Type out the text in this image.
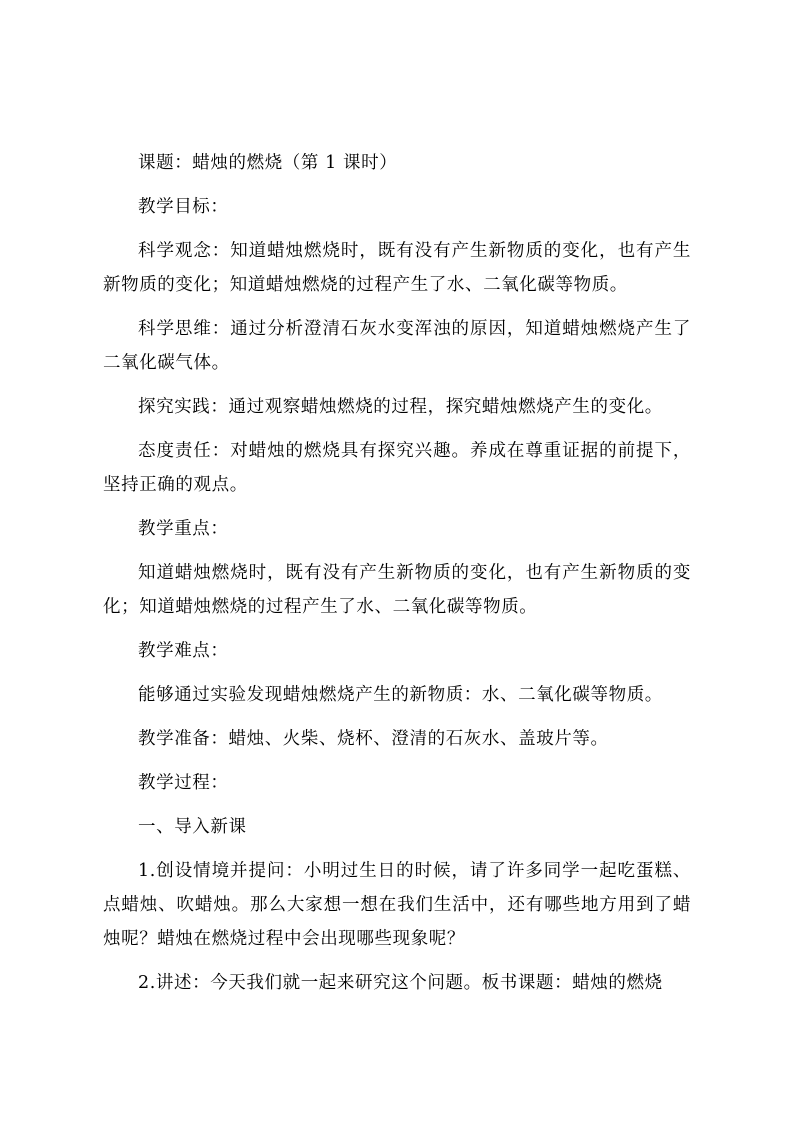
课题：蜡烛的燃烧（第 1 课时）

教学目标：

科学观念：知道蜡烛燃烧时，既有没有产生新物质的变化，也有产生新物质的变化；知道蜡烛燃烧的过程产生了水、二氧化碳等物质。

科学思维：通过分析澄清石灰水变浑浊的原因，知道蜡烛燃烧产生了二氧化碳气体。

探究实践：通过观察蜡烛燃烧的过程，探究蜡烛燃烧产生的变化。

态度责任：对蜡烛的燃烧具有探究兴趣。养成在尊重证据的前提下，坚持正确的观点。

教学重点：

知道蜡烛燃烧时，既有没有产生新物质的变化，也有产生新物质的变化；知道蜡烛燃烧的过程产生了水、二氧化碳等物质。

教学难点：

能够通过实验发现蜡烛燃烧产生的新物质：水、二氧化碳等物质。

教学准备：蜡烛、火柴、烧杯、澄清的石灰水、盖玻片等。

教学过程：

一、导入新课

1.创设情境并提问：小明过生日的时候，请了许多同学一起吃蛋糕、点蜡烛、吹蜡烛。那么大家想一想在我们生活中，还有哪些地方用到了蜡烛呢？蜡烛在燃烧过程中会出现哪些现象呢？

2.讲述：今天我们就一起来研究这个问题。板书课题：蜡烛的燃烧
